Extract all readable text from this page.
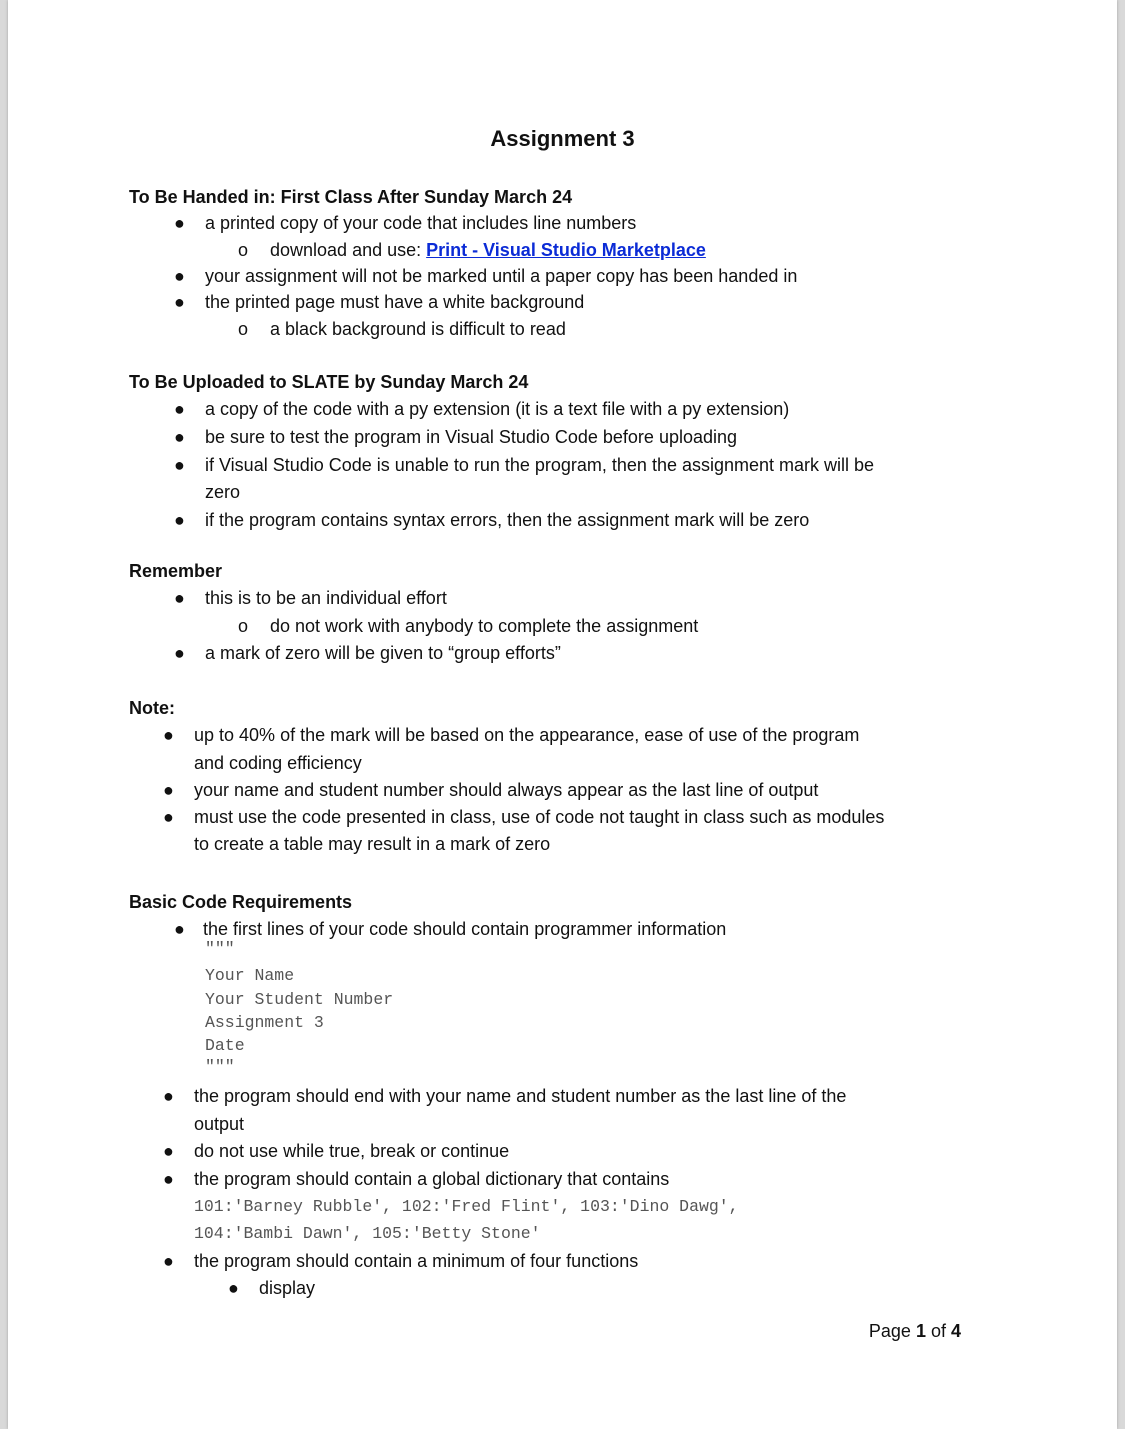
Assignment 3
To Be Handed in: First Class After Sunday March 24
● a printed copy of your code that includes line numbers
o download and use: Print - Visual Studio Marketplace
● your assignment will not be marked until a paper copy has been handed in
● the printed page must have a white background
o a black background is difficult to read
To Be Uploaded to SLATE by Sunday March 24
● a copy of the code with a py extension (it is a text file with a py extension)
● be sure to test the program in Visual Studio Code before uploading
● if Visual Studio Code is unable to run the program, then the assignment mark will be
zero
● if the program contains syntax errors, then the assignment mark will be zero
Remember
● this is to be an individual effort
o do not work with anybody to complete the assignment
● a mark of zero will be given to “group efforts”
Note:
● up to 40% of the mark will be based on the appearance, ease of use of the program
and coding efficiency
● your name and student number should always appear as the last line of output
● must use the code presented in class, use of code not taught in class such as modules
to create a table may result in a mark of zero
Basic Code Requirements
● the first lines of your code should contain programmer information
"""
Your Name
Your Student Number
Assignment 3
Date
"""
● the program should end with your name and student number as the last line of the
output
● do not use while true, break or continue
● the program should contain a global dictionary that contains
101:'Barney Rubble', 102:'Fred Flint', 103:'Dino Dawg',
104:'Bambi Dawn', 105:'Betty Stone'
● the program should contain a minimum of four functions
● display
Page 1 of 4
